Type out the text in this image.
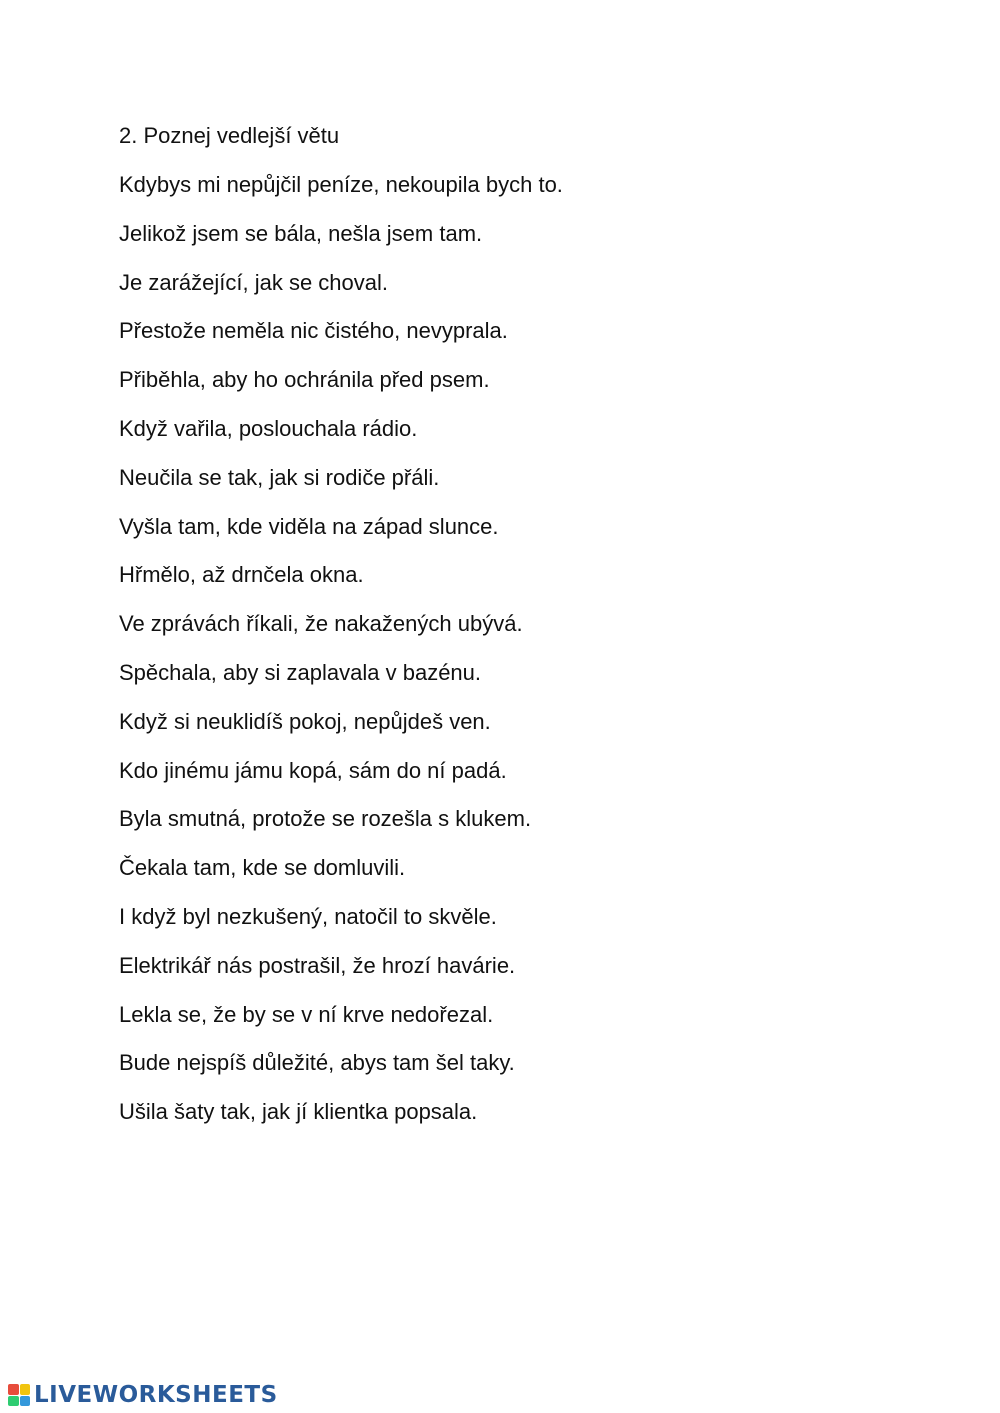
2. Poznej vedlejší větu
Kdybys mi nepůjčil peníze, nekoupila bych to.
Jelikož jsem se bála, nešla jsem tam.
Je zarážející, jak se choval.
Přestože neměla nic čistého, nevyprala.
Přiběhla, aby ho ochránila před psem.
Když vařila, poslouchala rádio.
Neučila se tak, jak si rodiče přáli.
Vyšla tam, kde viděla na západ slunce.
Hřmělo, až drnčela okna.
Ve zprávách říkali, že nakažených ubývá.
Spěchala, aby si zaplavala v bazénu.
Když si neuklidíš pokoj, nepůjdeš ven.
Kdo jinému jámu kopá, sám do ní padá.
Byla smutná, protože se rozešla s klukem.
Čekala tam, kde se domluvili.
I když byl nezkušený, natočil to skvěle.
Elektrikář nás postrašil, že hrozí havárie.
Lekla se, že by se v ní krve nedořezal.
Bude nejspíš důležité, abys tam šel taky.
Ušila šaty tak, jak jí klientka popsala.
LIVEWORKSHEETS
